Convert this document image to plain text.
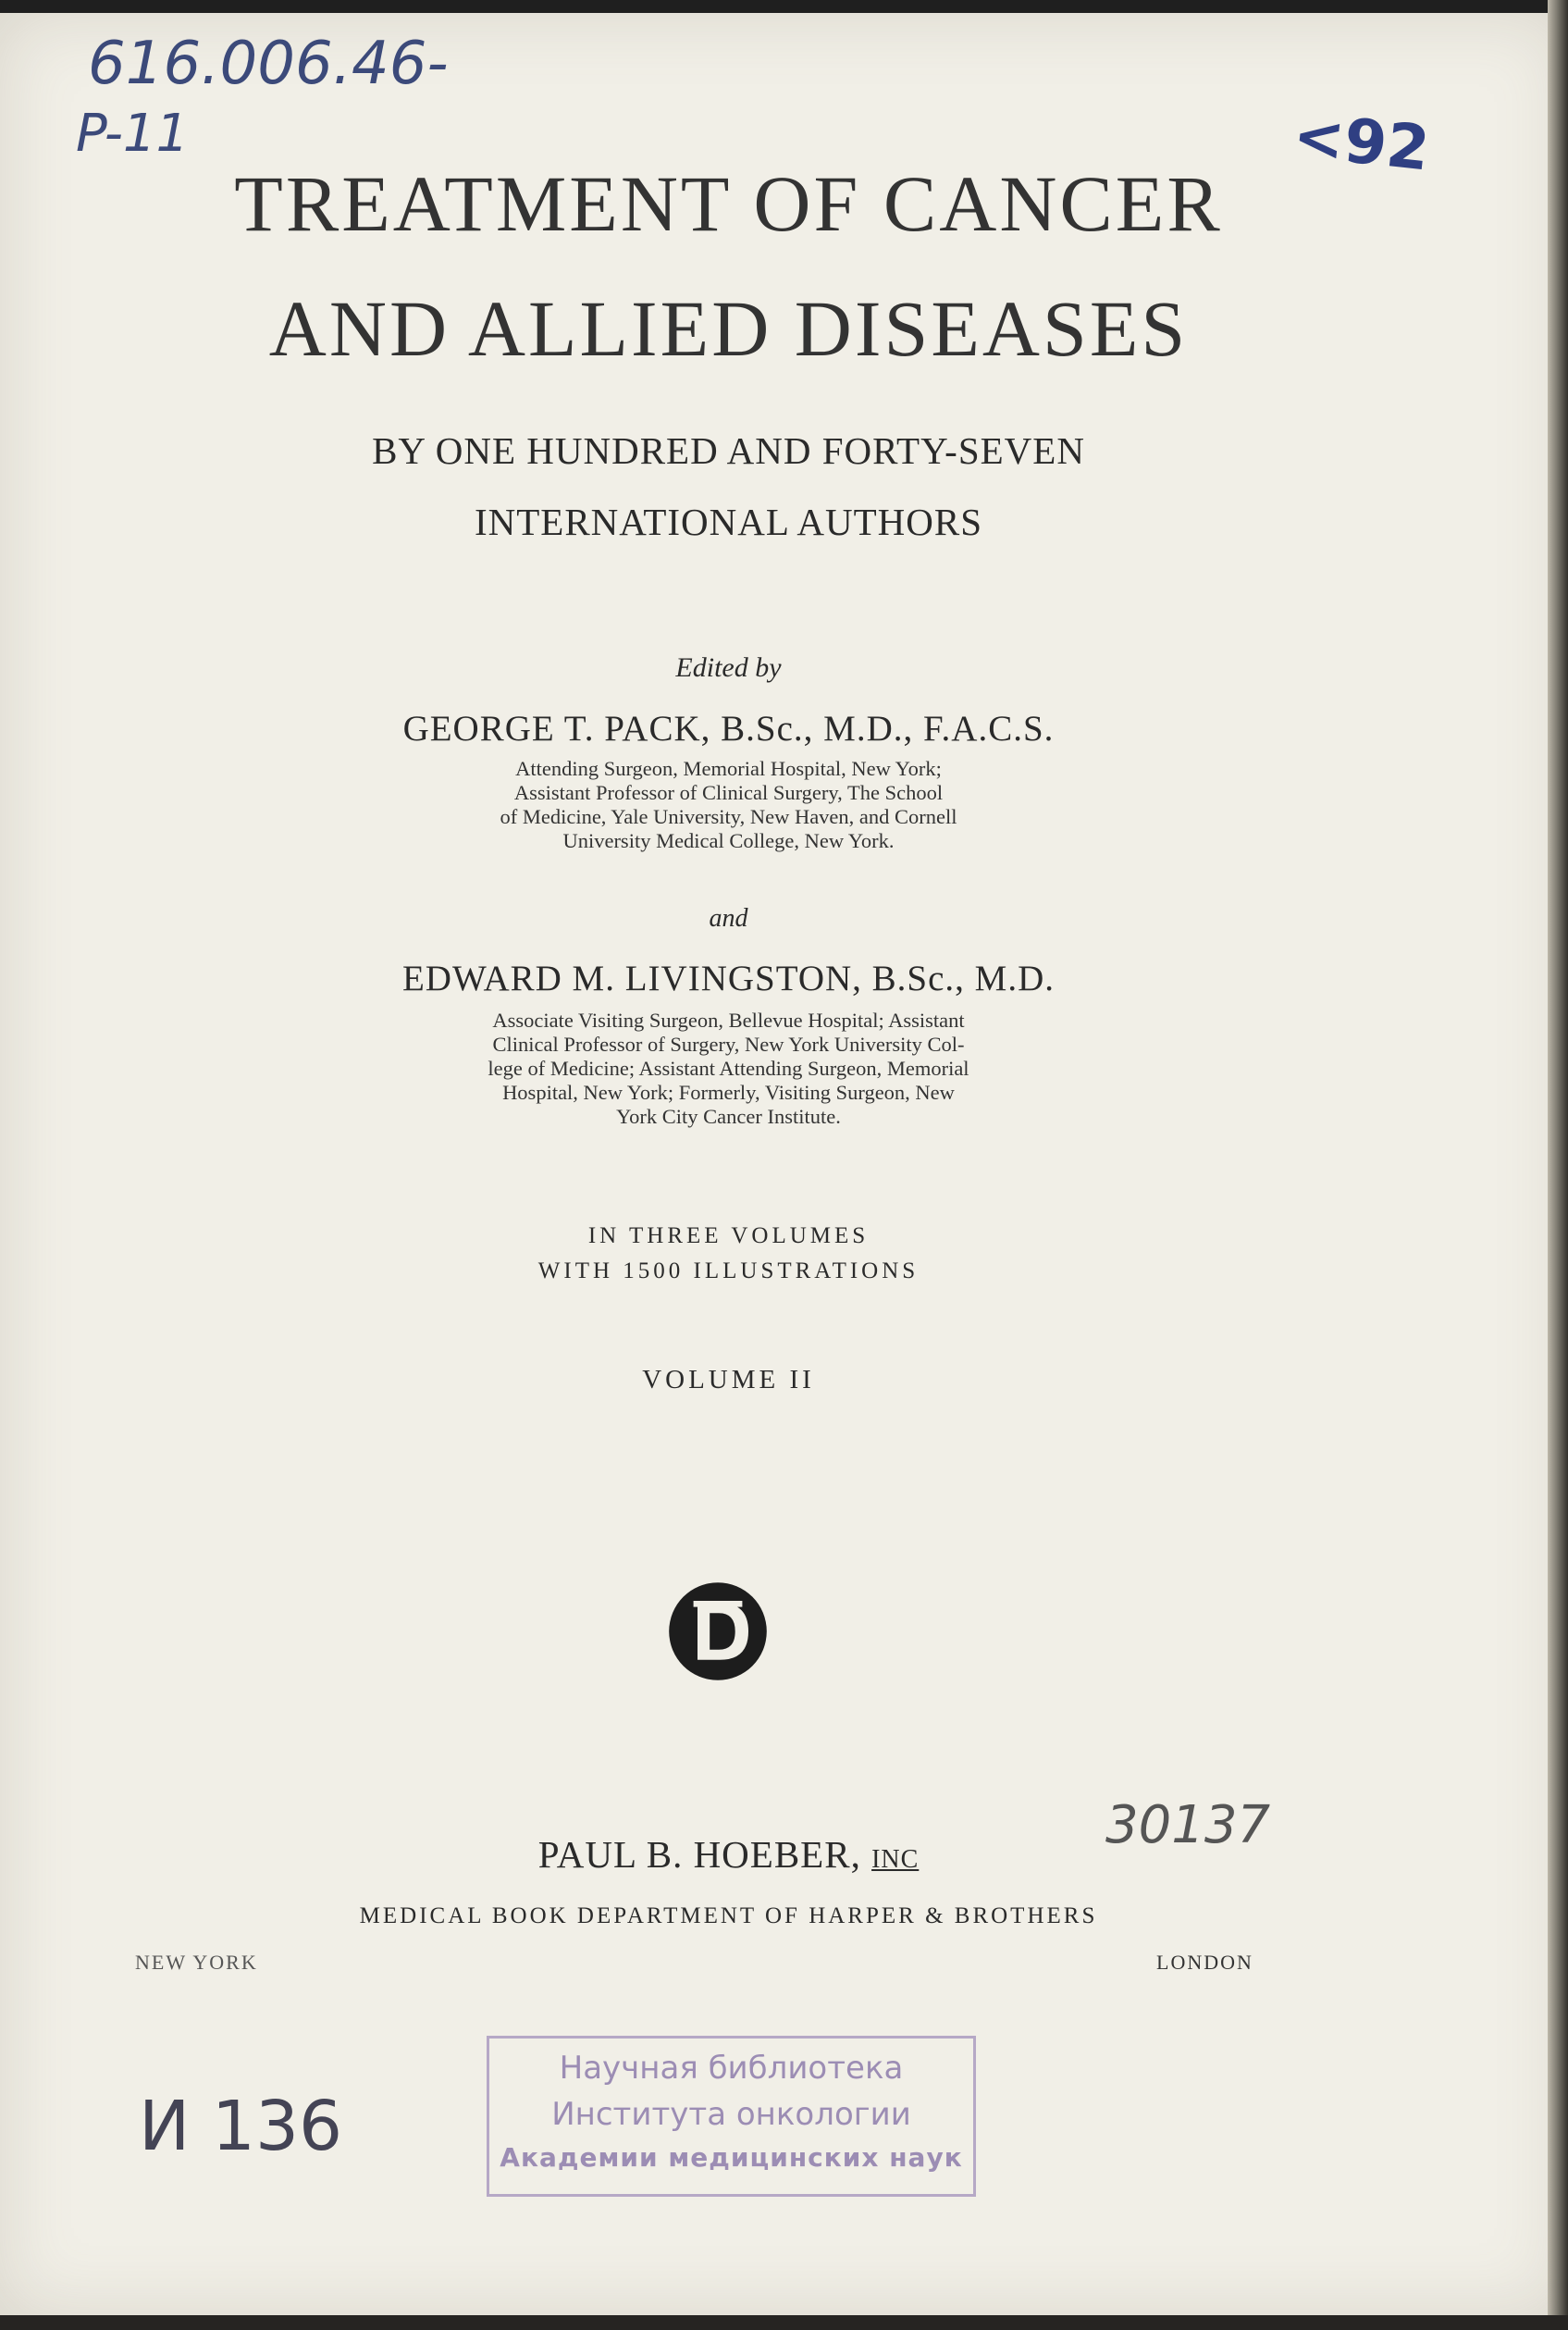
616.006.46-
P-11	<92
TREATMENT OF CANCER
AND ALLIED DISEASES
BY ONE HUNDRED AND FORTY-SEVEN
INTERNATIONAL AUTHORS
Edited by
GEORGE T. PACK, B.Sc., M.D., F.A.C.S.
Attending Surgeon, Memorial Hospital, New York;
Assistant Professor of Clinical Surgery, The School
of Medicine, Yale University, New Haven, and Cornell
University Medical College, New York.
and
EDWARD M. LIVINGSTON, B.Sc., M.D.
Associate Visiting Surgeon, Bellevue Hospital; Assistant
Clinical Professor of Surgery, New York University Col-
lege of Medicine; Assistant Attending Surgeon, Memorial
Hospital, New York; Formerly, Visiting Surgeon, New
York City Cancer Institute.
IN THREE VOLUMES
WITH 1500 ILLUSTRATIONS
VOLUME II
PAUL B. HOEBER, INC
30137
MEDICAL BOOK DEPARTMENT OF HARPER & BROTHERS
NEW YORK	LONDON
И 136
Научная библиотека
Института онкологии
Академии медицинских наук
